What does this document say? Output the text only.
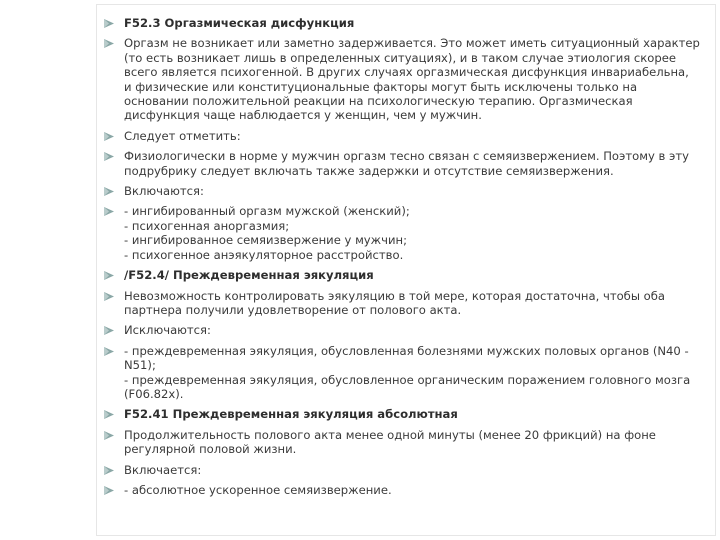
F52.3 Оргазмическая дисфункция
Оргазм не возникает или заметно задерживается. Это может иметь ситуационный характер (то есть возникает лишь в определенных ситуациях), и в таком случае этиология скорее всего является психогенной. В других случаях оргазмическая дисфункция инвариабельна, и физические или конституциональные факторы могут быть исключены только на основании положительной реакции на психологическую терапию. Оргазмическая дисфункция чаще наблюдается у женщин, чем у мужчин.
Следует отметить:
Физиологически в норме у мужчин оргазм тесно связан с семяизвержением. Поэтому в эту подрубрику следует включать также задержки и отсутствие семяизвержения.
Включаются:
- ингибированный оргазм мужской (женский);
- психогенная аноргазмия;
- ингибированное семяизвержение у мужчин;
- психогенное анэякуляторное расстройство.
/F52.4/ Преждевременная эякуляция
Невозможность контролировать эякуляцию в той мере, которая достаточна, чтобы оба партнера получили удовлетворение от полового акта.
Исключаются:
- преждевременная эякуляция, обусловленная болезнями мужских половых органов (N40 - N51);
- преждевременная эякуляция, обусловленное органическим поражением головного мозга (F06.82x).
F52.41 Преждевременная эякуляция абсолютная
Продолжительность полового акта менее одной минуты (менее 20 фрикций) на фоне регулярной половой жизни.
Включается:
- абсолютное ускоренное семяизвержение.
